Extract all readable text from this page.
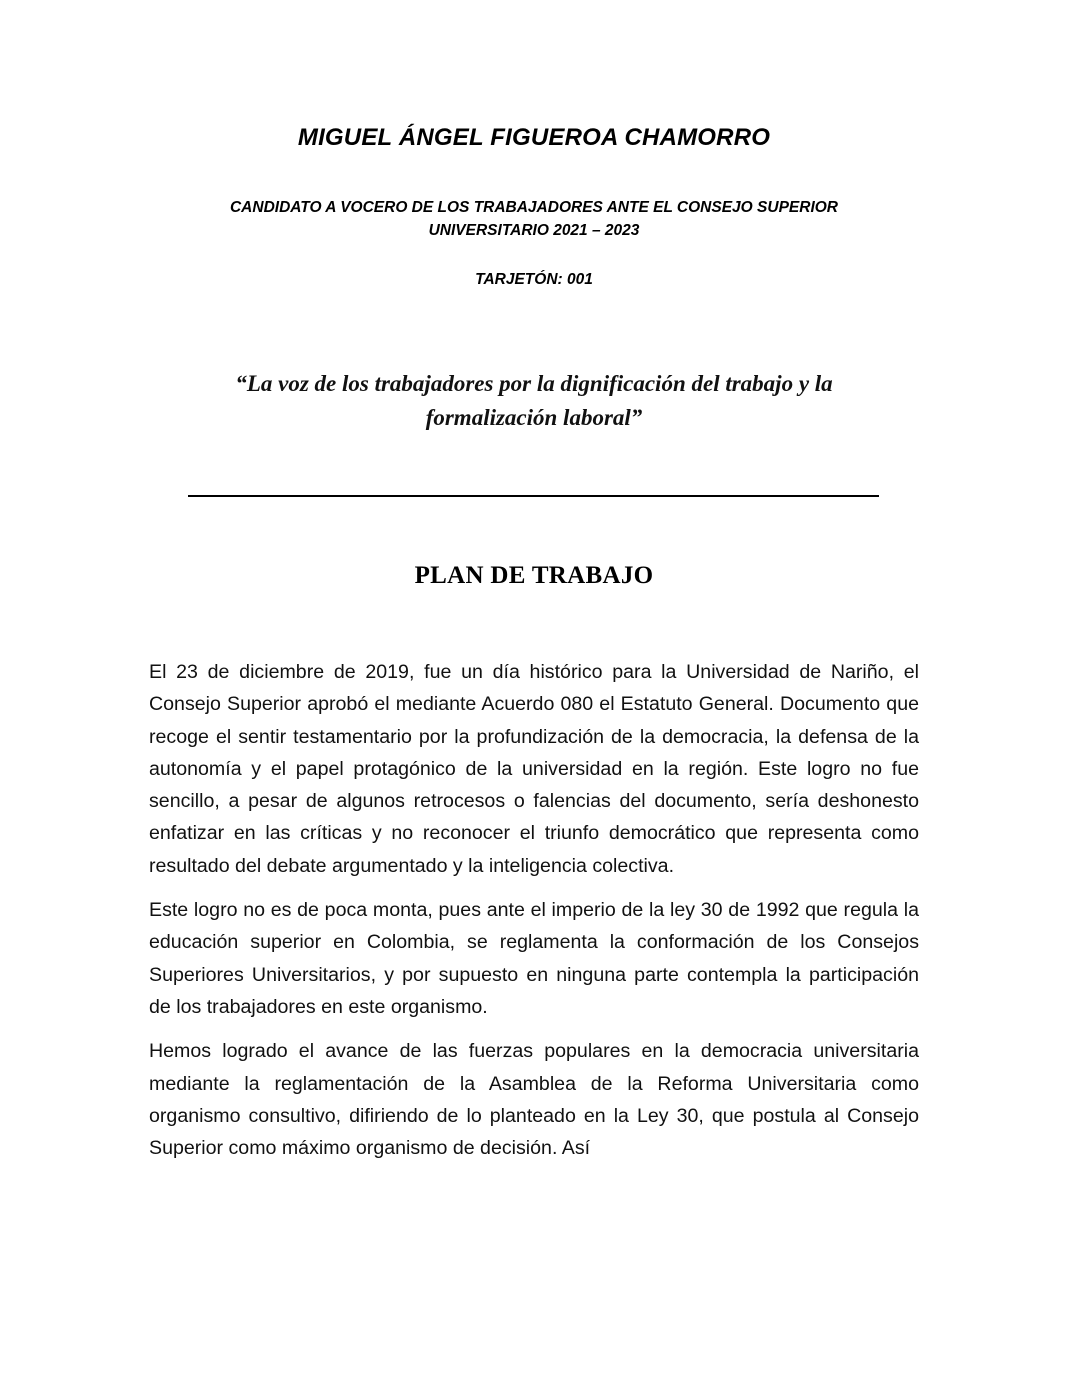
MIGUEL ÁNGEL FIGUEROA CHAMORRO
CANDIDATO A VOCERO DE LOS TRABAJADORES ANTE EL CONSEJO SUPERIOR UNIVERSITARIO 2021 – 2023
TARJETÓN: 001
“La voz de los trabajadores por la dignificación del trabajo y la formalización laboral”
PLAN DE TRABAJO

El 23 de diciembre de 2019, fue un día histórico para la Universidad de Nariño, el Consejo Superior aprobó el mediante Acuerdo 080 el Estatuto General. Documento que recoge el sentir testamentario por la profundización de la democracia, la defensa de la autonomía y el papel protagónico de la universidad en la región. Este logro no fue sencillo, a pesar de algunos retrocesos o falencias del documento, sería deshonesto enfatizar en las críticas y no reconocer el triunfo democrático que representa como resultado del debate argumentado y la inteligencia colectiva.

Este logro no es de poca monta, pues ante el imperio de la ley 30 de 1992 que regula la educación superior en Colombia, se reglamenta la conformación de los Consejos Superiores Universitarios, y por supuesto en ninguna parte contempla la participación de los trabajadores en este organismo.

Hemos logrado el avance de las fuerzas populares en la democracia universitaria mediante la reglamentación de la Asamblea de la Reforma Universitaria como organismo consultivo, difiriendo de lo planteado en la Ley 30, que postula al Consejo Superior como máximo organismo de decisión. Así
